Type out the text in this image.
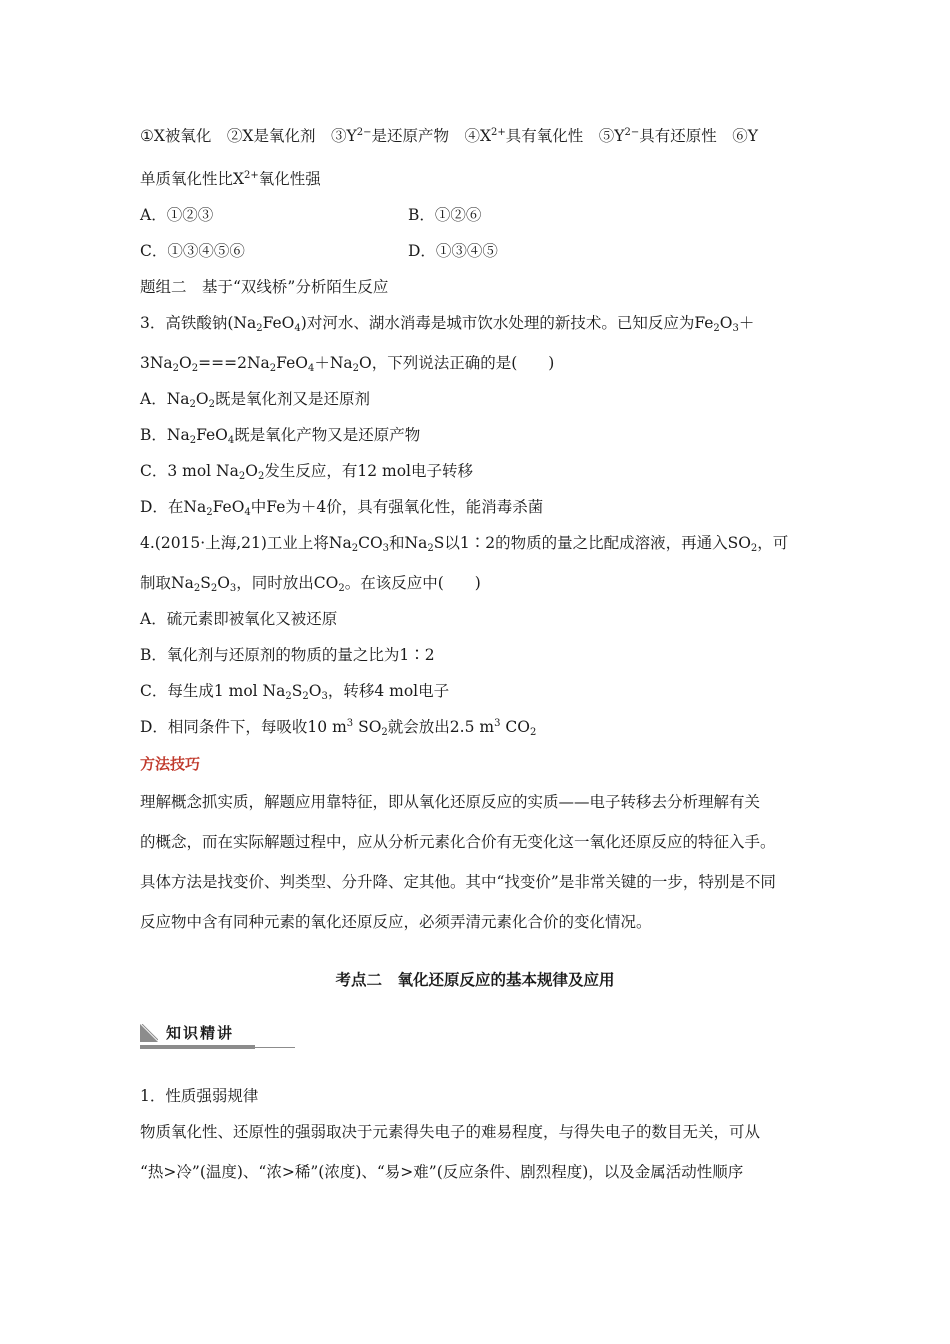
①X被氧化　②X是氧化剂　$③Y^{2-}$是还原产物　$④X^{2+}$具有氧化性　$⑤Y^{2-}$具有还原性　⑥Y
单质氧化性比$X^{2+}$氧化性强
A．①②③	B．①②⑥
C．①③④⑤⑥	D．①③④⑤
题组二　基于“双线桥”分析陌生反应
3．高铁酸钠$(Na_2FeO_4)$对河水、湖水消毒是城市饮水处理的新技术。已知反应为$Fe_2O_3+$
$3Na_2O_2===2Na_2FeO_4+Na_2O$，下列说法正确的是(　　)
A．$Na_2O_2$既是氧化剂又是还原剂
B．$Na_2FeO_4$既是氧化产物又是还原产物
C．3 mol $Na_2O_2$发生反应，有12 mol电子转移
D．在$Na_2FeO_4$中Fe为＋4价，具有强氧化性，能消毒杀菌
4.(2015·上海,21)工业上将$Na_2CO_3$和$Na_2S$以1∶2的物质的量之比配成溶液，再通入$SO_2$，可
制取$Na_2S_2O_3$，同时放出$CO_2$。在该反应中(　　)
A．硫元素即被氧化又被还原
B．氧化剂与还原剂的物质的量之比为1∶2
C．每生成1 mol $Na_2S_2O_3$，转移4 mol电子
D．相同条件下，每吸收10 $m^3$ $SO_2$就会放出2.5 $m^3$ $CO_2$
方法技巧
理解概念抓实质，解题应用靠特征，即从氧化还原反应的实质——电子转移去分析理解有关
的概念，而在实际解题过程中，应从分析元素化合价有无变化这一氧化还原反应的特征入手。
具体方法是找变价、判类型、分升降、定其他。其中“找变价”是非常关键的一步，特别是不同
反应物中含有同种元素的氧化还原反应，必须弄清元素化合价的变化情况。
考点二　氧化还原反应的基本规律及应用
知识精讲
1．性质强弱规律
物质氧化性、还原性的强弱取决于元素得失电子的难易程度，与得失电子的数目无关，可从
“热>冷”(温度)、“浓>稀”(浓度)、“易>难”(反应条件、剧烈程度)，以及金属活动性顺序
